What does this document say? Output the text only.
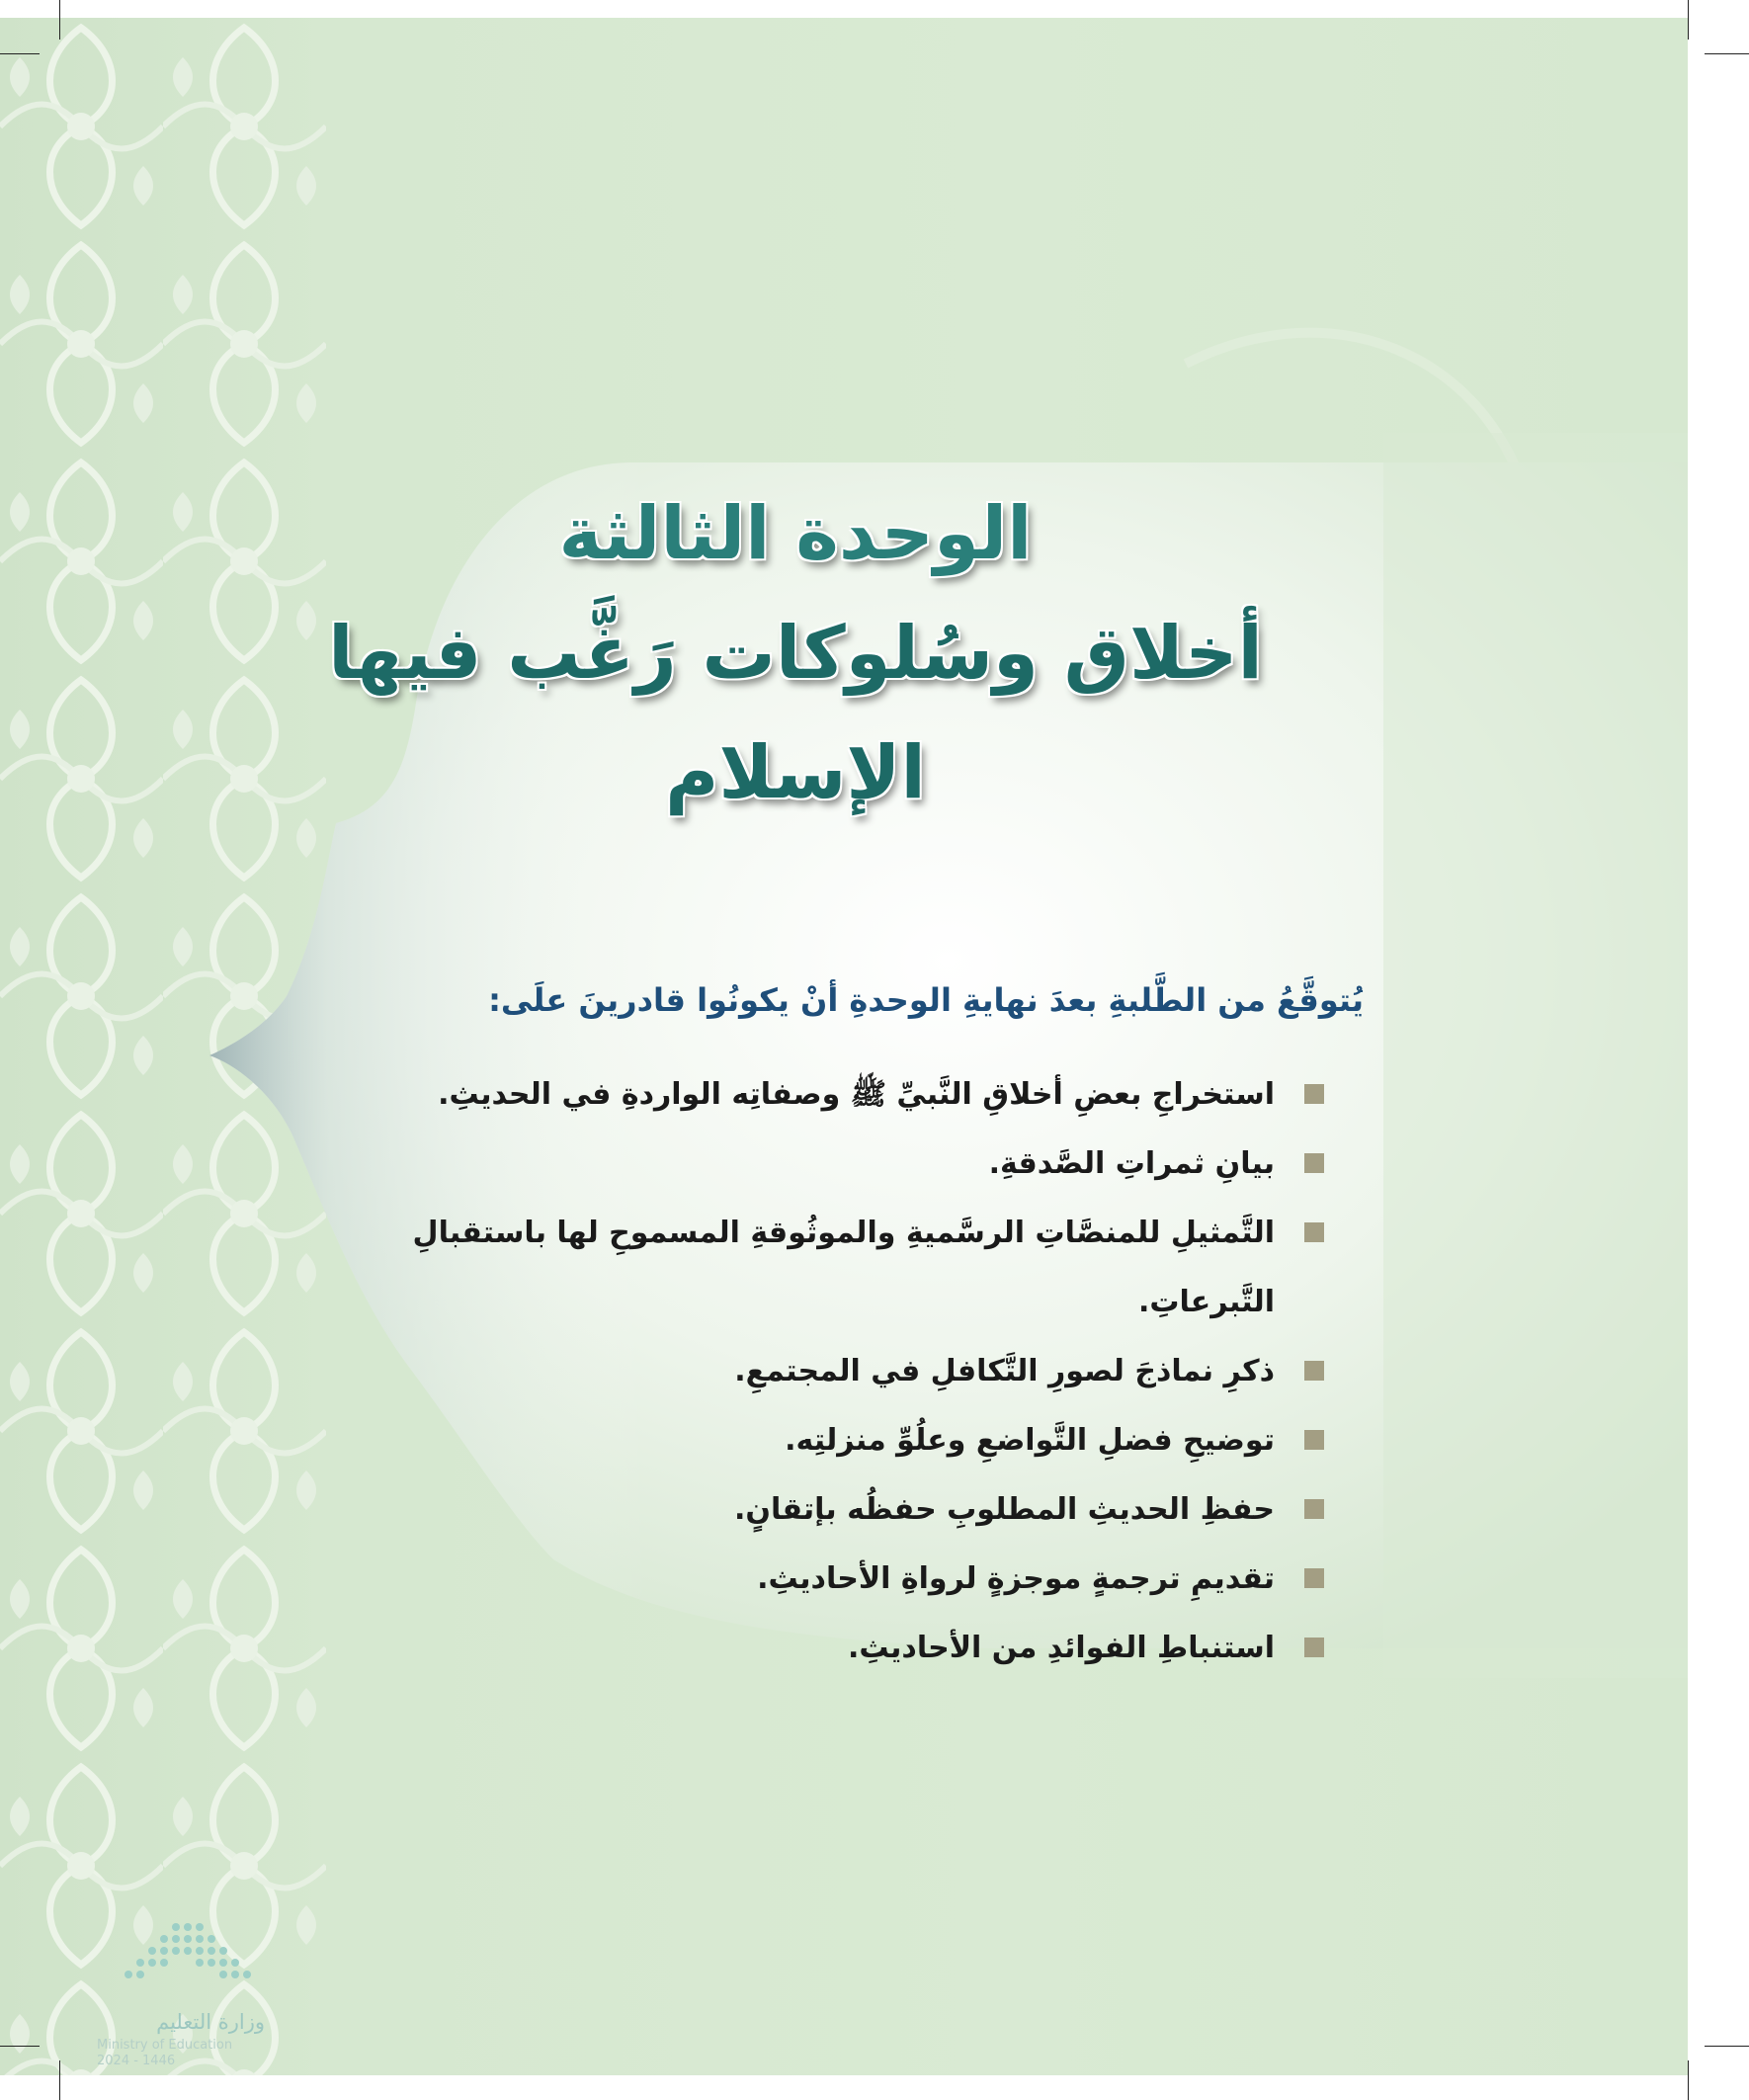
الوحدة الثالثة
أخلاق وسُلوكات رَغَّب فيها
الإسلام
يُتوقَّعُ من الطَّلبةِ بعدَ نهايةِ الوحدةِ أنْ يكونُوا قادرينَ علَى:
استخراجِ بعضِ أخلاقِ النَّبيِّ ﷺ وصفاتِه الواردةِ في الحديثِ.
بيانِ ثمراتِ الصَّدقةِ.
التَّمثيلِ للمنصَّاتِ الرسَّميةِ والموثُوقةِ المسموحِ لها باستقبالِ التَّبرعاتِ.
ذكرِ نماذجَ لصورِ التَّكافلِ في المجتمعِ.
توضيحِ فضلِ التَّواضعِ وعلُوِّ منزلتِه.
حفظِ الحديثِ المطلوبِ حفظُه بإتقانٍ.
تقديمِ ترجمةٍ موجزةٍ لرواةِ الأحاديثِ.
استنباطِ الفوائدِ من الأحاديثِ.
وزارة التعليم
Ministry of Education
2024 - 1446
